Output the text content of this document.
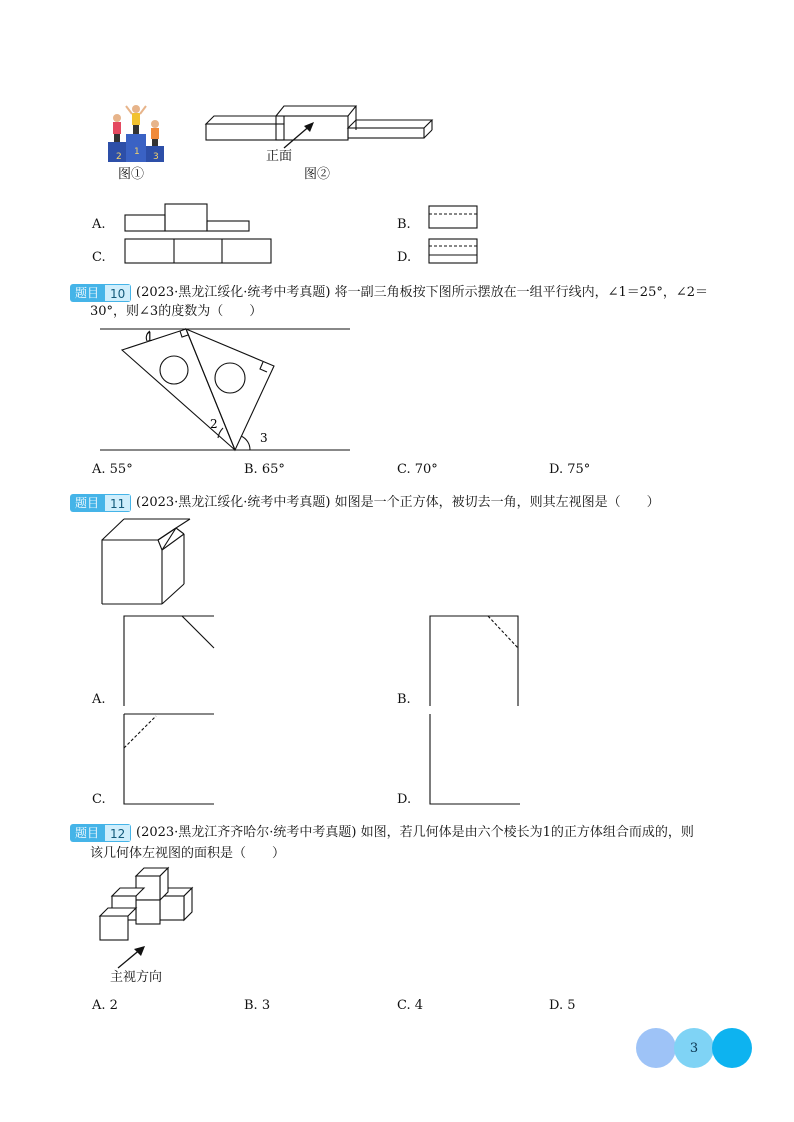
2 1 3
图①
正面
图②
A.	B.
C.	D.
题目 10 (2023·黑龙江绥化·统考中考真题) 将一副三角板按下图所示摆放在一组平行线内，∠1＝25°，∠2＝
30°，则∠3的度数为（　　）
1
2
3
A. 55°	B. 65°	C. 70°	D. 75°
题目 11 (2023·黑龙江绥化·统考中考真题) 如图是一个正方体，被切去一角，则其左视图是（　　）
A.	B.
C.	D.
题目 12 (2023·黑龙江齐齐哈尔·统考中考真题) 如图，若几何体是由六个棱长为1的正方体组合而成的，则
该几何体左视图的面积是（　　）
主视方向
A. 2	B. 3	C. 4	D. 5
3
